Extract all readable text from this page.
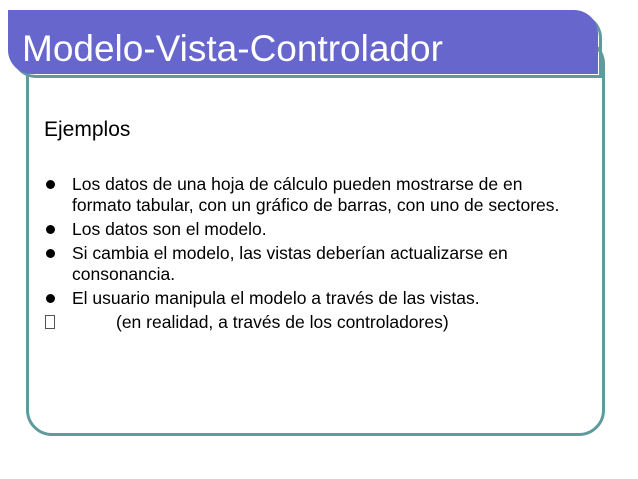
Modelo-Vista-Controlador
Ejemplos
Los datos de una hoja de cálculo pueden mostrarse de en formato tabular, con un gráfico de barras, con uno de sectores.
Los datos son el modelo.
Si cambia el modelo, las vistas deberían actualizarse en consonancia.
El usuario manipula el modelo a través de las vistas.
(en realidad, a través de los controladores)
